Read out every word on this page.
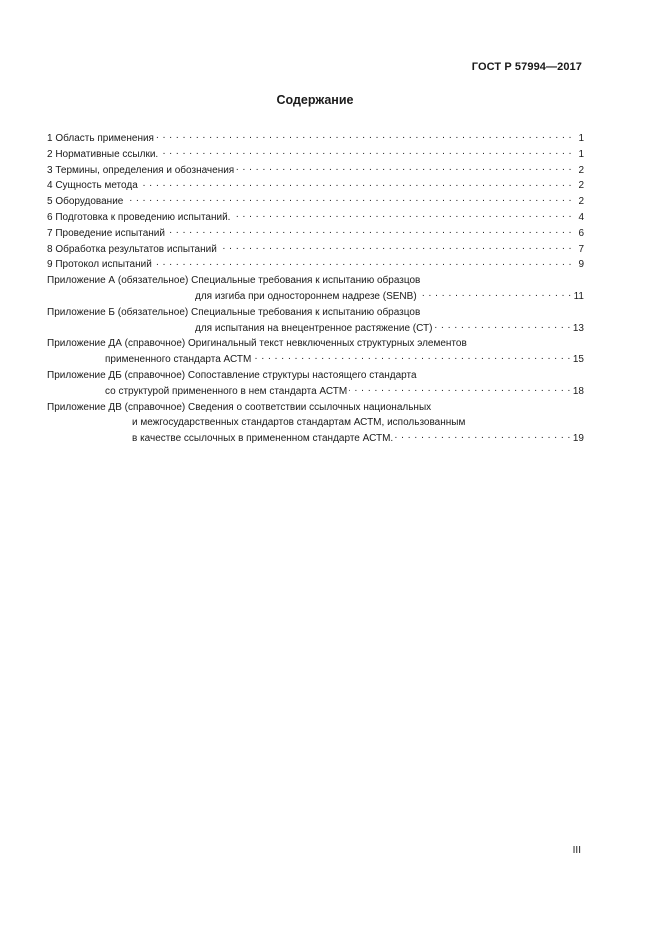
ГОСТ Р 57994—2017
Содержание
1 Область применения . . .	1
2 Нормативные ссылки. . . .	1
3 Термины, определения и обозначения . . .	2
4 Сущность метода . . .	2
5 Оборудование . . .	2
6 Подготовка к проведению испытаний. . . .	4
7 Проведение испытаний . . .	6
8 Обработка результатов испытаний . . .	7
9 Протокол испытаний . . .	9
Приложение А (обязательное) Специальные требования к испытанию образцов
для изгиба при одностороннем надрезе (SENB) . . .	11
Приложение Б (обязательное) Специальные требования к испытанию образцов
для испытания на внецентренное растяжение (СТ) . . .	13
Приложение ДА (справочное) Оригинальный текст невключенных структурных элементов
примененного стандарта АСТМ . . .	15
Приложение ДБ (справочное) Сопоставление структуры настоящего стандарта
со структурой примененного в нем стандарта АСТМ . . .	18
Приложение ДВ (справочное) Сведения о соответствии ссылочных национальных
и межгосударственных стандартов стандартам АСТМ, использованным
в качестве ссылочных в примененном стандарте АСТМ. . . .	19
III
